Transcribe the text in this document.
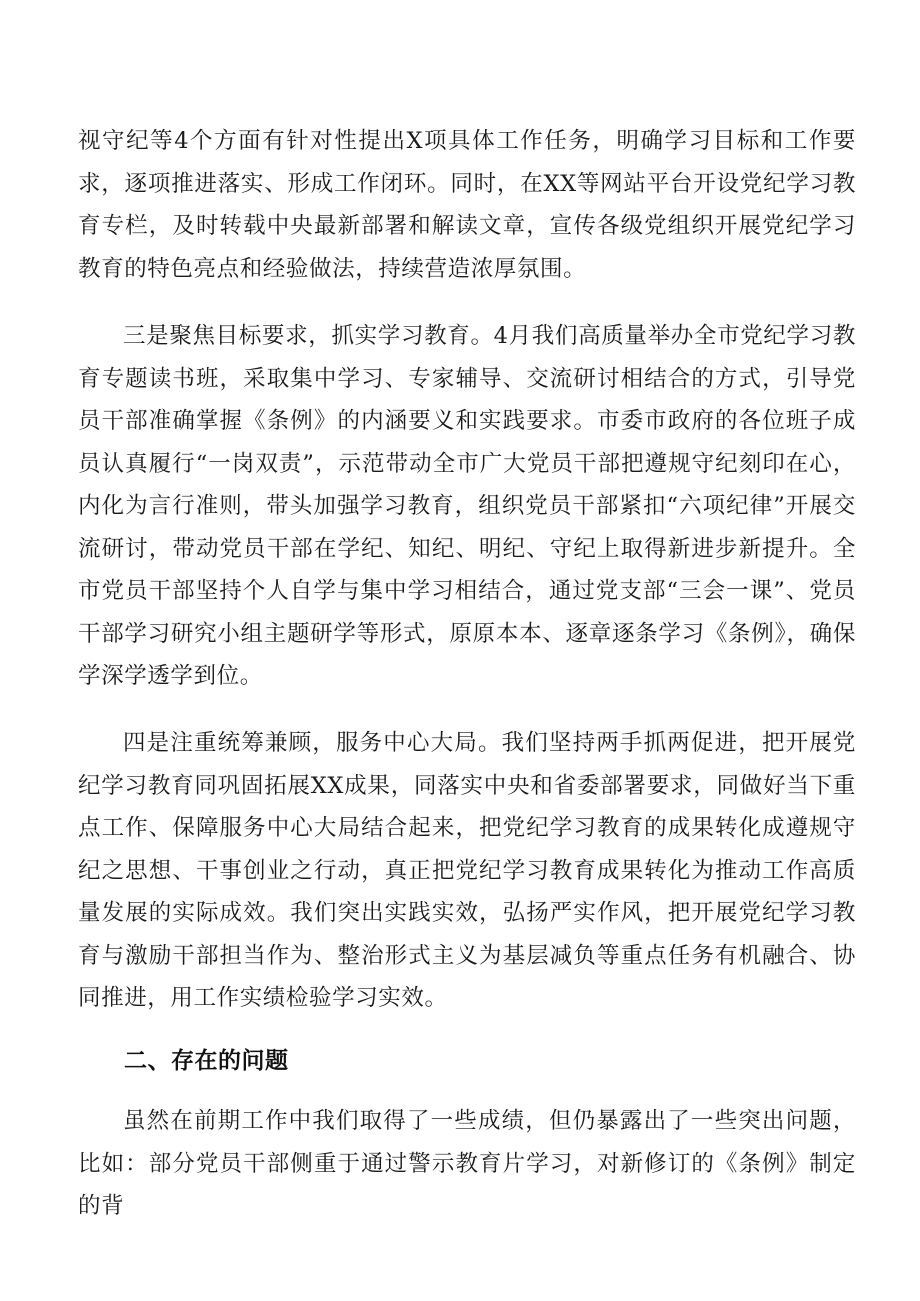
视守纪等4个方面有针对性提出X项具体工作任务，明确学习目标和工作要求，逐项推进落实、形成工作闭环。同时，在XX等网站平台开设党纪学习教育专栏，及时转载中央最新部署和解读文章，宣传各级党组织开展党纪学习教育的特色亮点和经验做法，持续营造浓厚氛围。

三是聚焦目标要求，抓实学习教育。4月我们高质量举办全市党纪学习教育专题读书班，采取集中学习、专家辅导、交流研讨相结合的方式，引导党员干部准确掌握《条例》的内涵要义和实践要求。市委市政府的各位班子成员认真履行“一岗双责”，示范带动全市广大党员干部把遵规守纪刻印在心，内化为言行准则，带头加强学习教育，组织党员干部紧扣“六项纪律”开展交流研讨，带动党员干部在学纪、知纪、明纪、守纪上取得新进步新提升。全市党员干部坚持个人自学与集中学习相结合，通过党支部“三会一课”、党员干部学习研究小组主题研学等形式，原原本本、逐章逐条学习《条例》，确保学深学透学到位。

四是注重统筹兼顾，服务中心大局。我们坚持两手抓两促进，把开展党纪学习教育同巩固拓展XX成果，同落实中央和省委部署要求，同做好当下重点工作、保障服务中心大局结合起来，把党纪学习教育的成果转化成遵规守纪之思想、干事创业之行动，真正把党纪学习教育成果转化为推动工作高质量发展的实际成效。我们突出实践实效，弘扬严实作风，把开展党纪学习教育与激励干部担当作为、整治形式主义为基层减负等重点任务有机融合、协同推进，用工作实绩检验学习实效。

二、存在的问题

虽然在前期工作中我们取得了一些成绩，但仍暴露出了一些突出问题，比如：部分党员干部侧重于通过警示教育片学习，对新修订的《条例》制定的背
